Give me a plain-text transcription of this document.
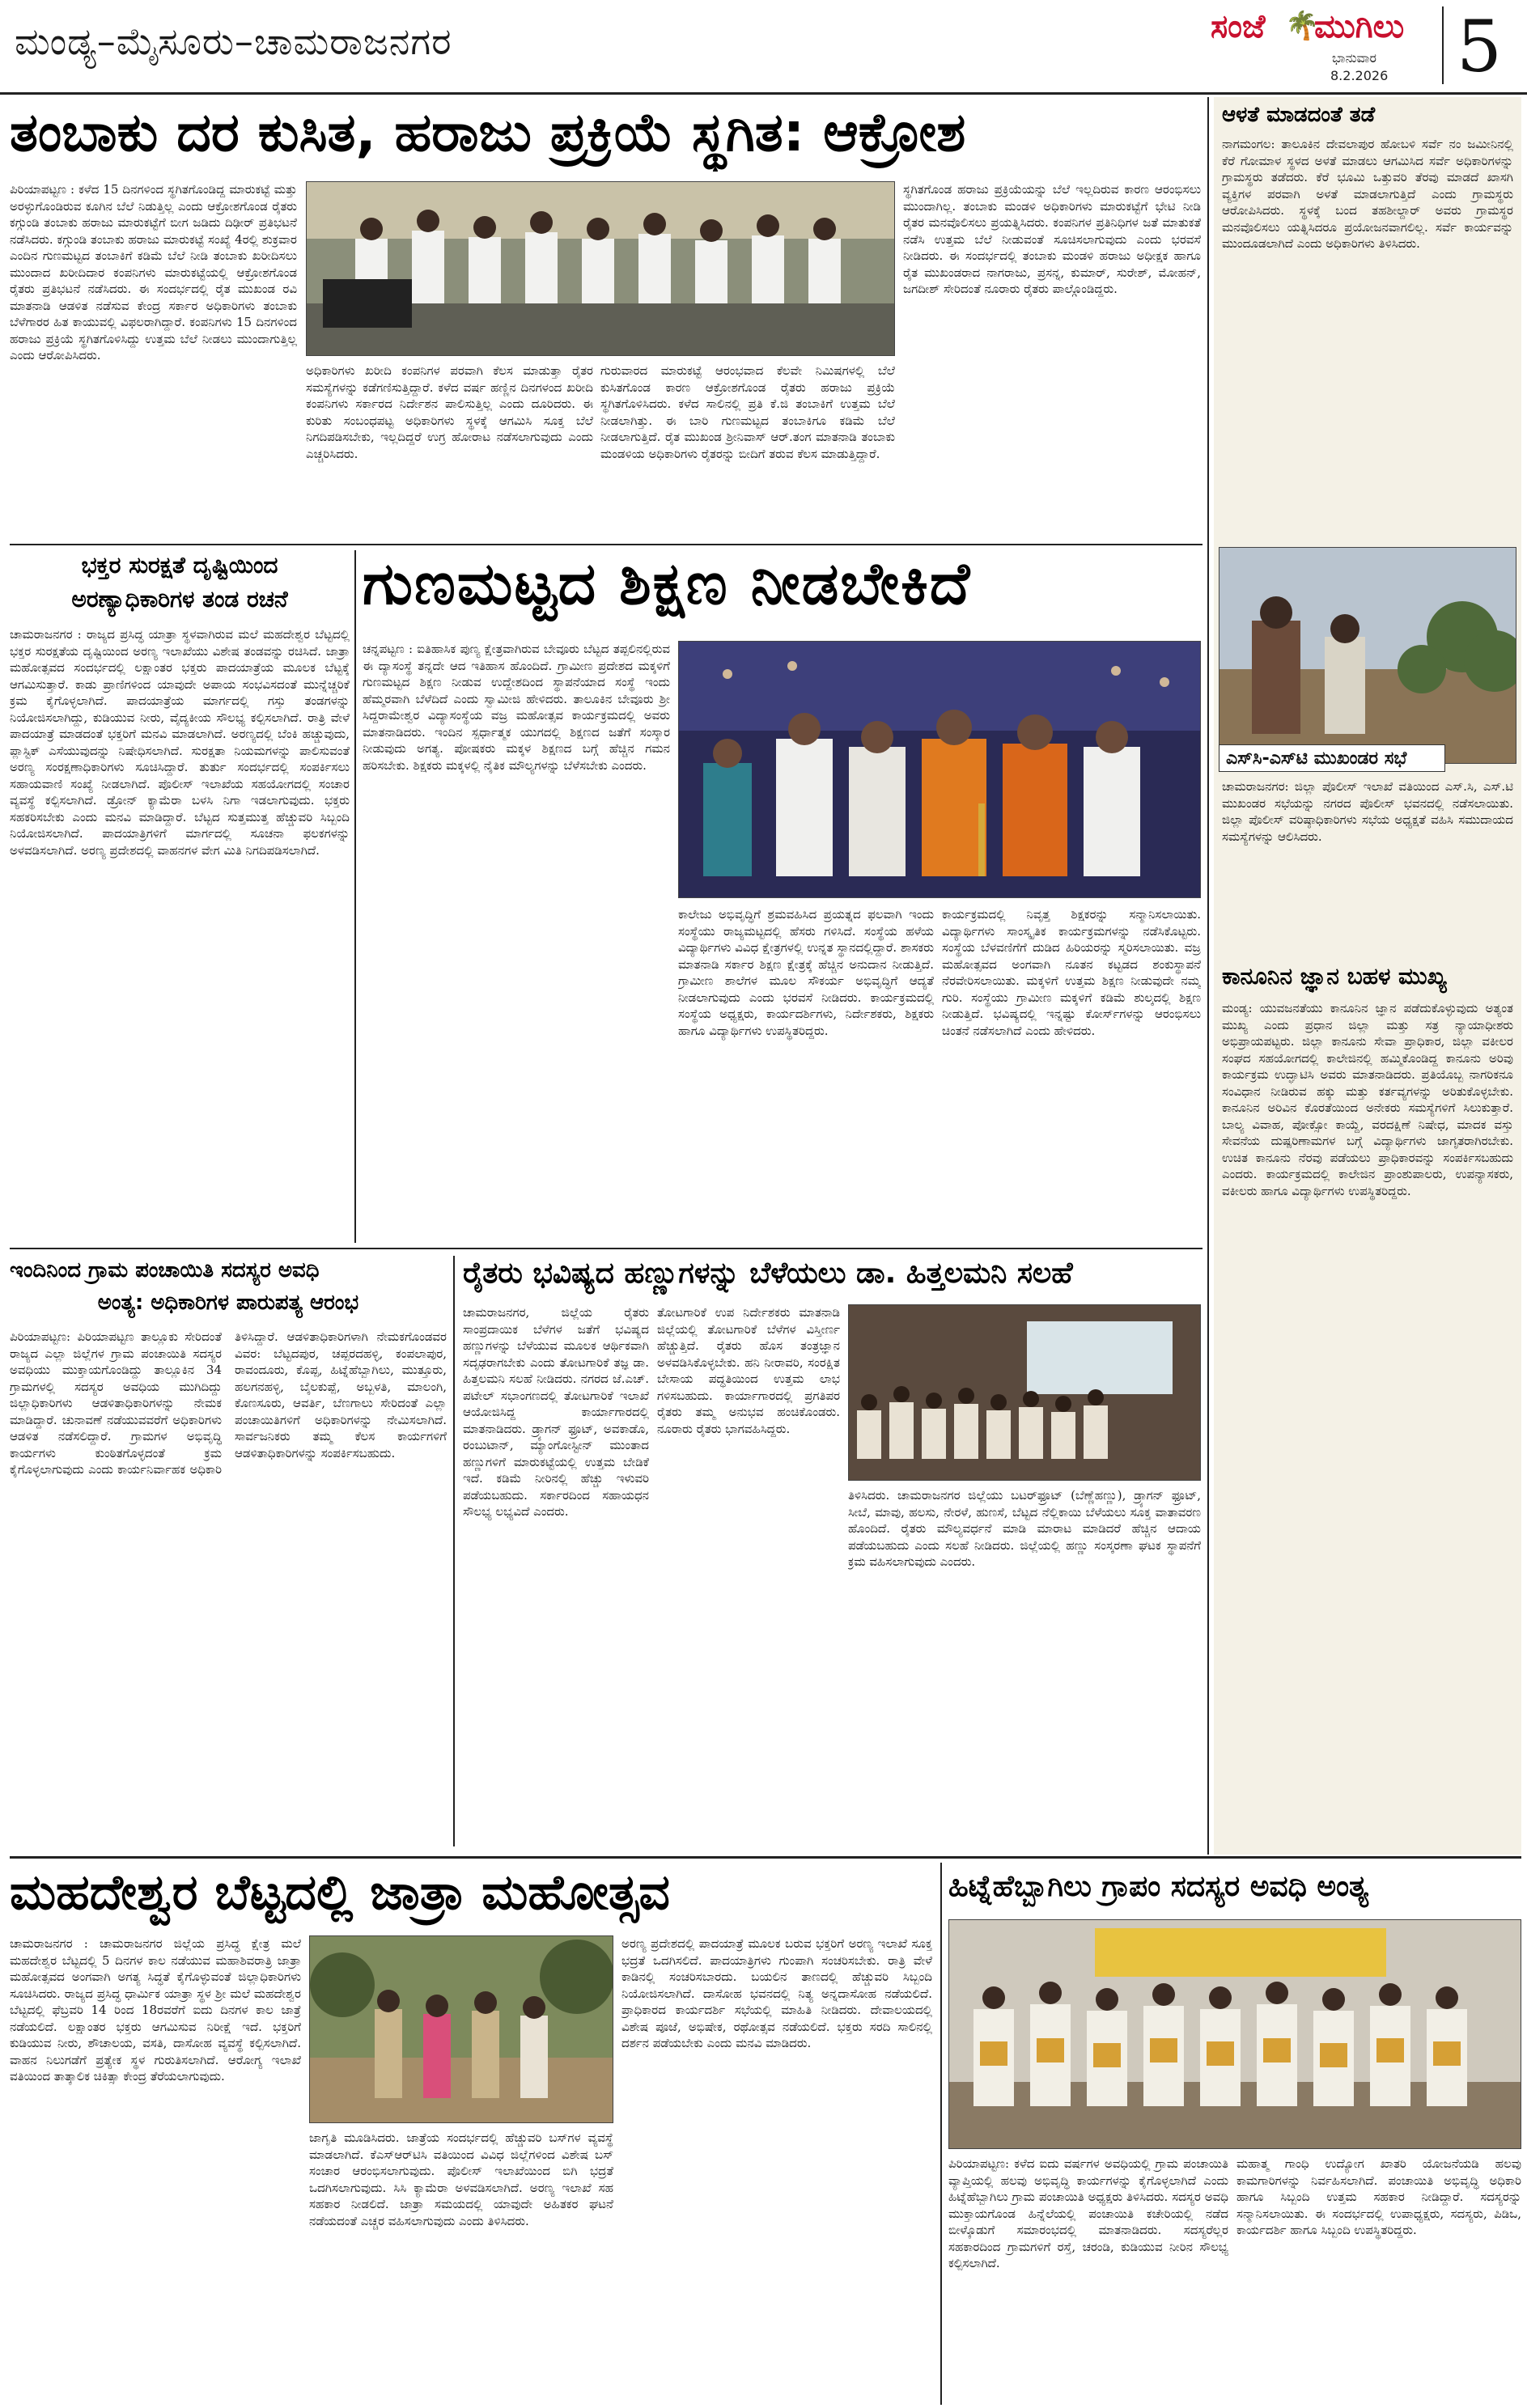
ಮಂಡ್ಯ–ಮೈಸೂರು–ಚಾಮರಾಜನಗರ	ಸಂಜೆ 🌴
ಮುಗಿಲು
ಭಾನುವಾರ
8.2.2026 5
ತಂಬಾಕು ದರ ಕುಸಿತ, ಹರಾಜು ಪ್ರಕ್ರಿಯೆ ಸ್ಥಗಿತ: ಆಕ್ರೋಶ
ಪಿರಿಯಾಪಟ್ಟಣ : ಕಳೆದ 15 ದಿನಗಳಿಂದ ಸ್ಥಗಿತಗೊಂಡಿದ್ದ ಮಾರುಕಟ್ಟೆ ಮತ್ತು ಅರಳ್ಳುಗೊಂಡಿರುವ ಕೂಗಿನ ಬೆಲೆ ನಿಡುತ್ತಿಲ್ಲ ಎಂದು ಆಕ್ರೋಶಗೊಂಡ ರೈತರು ಕಗ್ಗುಂಡಿ ತಂಬಾಕು ಹರಾಜು ಮಾರುಕಟ್ಟೆಗೆ ಬೀಗ ಜಡಿದು ದಿಢೀರ್ ಪ್ರತಿಭಟನೆ ನಡೆಸಿದರು. ಕಗ್ಗುಂಡಿ ತಂಬಾಕು ಹರಾಜು ಮಾರುಕಟ್ಟೆ ಸಂಖ್ಯೆ 4ರಲ್ಲಿ ಶುಕ್ರವಾರ ಎಂದಿನ ಗುಣಮಟ್ಟದ ತಂಬಾಕಿಗೆ ಕಡಿಮೆ ಬೆಲೆ ನೀಡಿ ತಂಬಾಕು ಖರೀದಿಸಲು ಮುಂದಾದ ಖರೀದಿದಾರ ಕಂಪನಿಗಳು ಮಾರುಕಟ್ಟೆಯಲ್ಲಿ ಆಕ್ರೋಶಗೊಂಡ ರೈತರು ಪ್ರತಿಭಟನೆ ನಡೆಸಿದರು. ಈ ಸಂದರ್ಭದಲ್ಲಿ ರೈತ ಮುಖಂಡ ರವಿ ಮಾತನಾಡಿ ಆಡಳಿತ ನಡೆಸುವ ಕೇಂದ್ರ ಸರ್ಕಾರ ಅಧಿಕಾರಿಗಳು ತಂಬಾಕು ಬೆಳೆಗಾರರ ಹಿತ ಕಾಯುವಲ್ಲಿ ವಿಫಲರಾಗಿದ್ದಾರೆ. ಕಂಪನಿಗಳು 15 ದಿನಗಳಿಂದ ಹರಾಜು ಪ್ರಕ್ರಿಯೆ ಸ್ಥಗಿತಗೊಳಿಸಿದ್ದು ಉತ್ತಮ ಬೆಲೆ ನೀಡಲು ಮುಂದಾಗುತ್ತಿಲ್ಲ ಎಂದು ಆರೋಪಿಸಿದರು.
ಅಧಿಕಾರಿಗಳು ಖರೀದಿ ಕಂಪನಿಗಳ ಪರವಾಗಿ ಕೆಲಸ ಮಾಡುತ್ತಾ ರೈತರ ಸಮಸ್ಯೆಗಳನ್ನು ಕಡೆಗಣಿಸುತ್ತಿದ್ದಾರೆ. ಕಳೆದ ವರ್ಷ ಹಣ್ಣಿನ ದಿನಗಳಂದ ಖರೀದಿ ಕಂಪನಿಗಳು ಸರ್ಕಾರದ ನಿರ್ದೇಶನ ಪಾಲಿಸುತ್ತಿಲ್ಲ ಎಂದು ದೂರಿದರು. ಈ ಕುರಿತು ಸಂಬಂಧಪಟ್ಟ ಅಧಿಕಾರಿಗಳು ಸ್ಥಳಕ್ಕೆ ಆಗಮಿಸಿ ಸೂಕ್ತ ಬೆಲೆ ನಿಗದಿಪಡಿಸಬೇಕು, ಇಲ್ಲದಿದ್ದರೆ ಉಗ್ರ ಹೋರಾಟ ನಡೆಸಲಾಗುವುದು ಎಂದು ಎಚ್ಚರಿಸಿದರು.
ಗುರುವಾರದ ಮಾರುಕಟ್ಟೆ ಆರಂಭವಾದ ಕೆಲವೇ ನಿಮಿಷಗಳಲ್ಲಿ ಬೆಲೆ ಕುಸಿತಗೊಂಡ ಕಾರಣ ಆಕ್ರೋಶಗೊಂಡ ರೈತರು ಹರಾಜು ಪ್ರಕ್ರಿಯೆ ಸ್ಥಗಿತಗೊಳಿಸಿದರು. ಕಳೆದ ಸಾಲಿನಲ್ಲಿ ಪ್ರತಿ ಕೆ.ಜಿ ತಂಬಾಕಿಗೆ ಉತ್ತಮ ಬೆಲೆ ನೀಡಲಾಗಿತ್ತು. ಈ ಬಾರಿ ಗುಣಮಟ್ಟದ ತಂಬಾಕಿಗೂ ಕಡಿಮೆ ಬೆಲೆ ನೀಡಲಾಗುತ್ತಿದೆ. ರೈತ ಮುಖಂಡ ಶ್ರೀನಿವಾಸ್ ಆರ್.ತಂಗ ಮಾತನಾಡಿ ತಂಬಾಕು ಮಂಡಳಿಯ ಅಧಿಕಾರಿಗಳು ರೈತರನ್ನು ಬೀದಿಗೆ ತರುವ ಕೆಲಸ ಮಾಡುತ್ತಿದ್ದಾರೆ.
ಸ್ಥಗಿತಗೊಂಡ ಹರಾಜು ಪ್ರಕ್ರಿಯೆಯನ್ನು ಬೆಲೆ ಇಲ್ಲದಿರುವ ಕಾರಣ ಆರಂಭಿಸಲು ಮುಂದಾಗಿಲ್ಲ. ತಂಬಾಕು ಮಂಡಳಿ ಅಧಿಕಾರಿಗಳು ಮಾರುಕಟ್ಟೆಗೆ ಭೇಟಿ ನೀಡಿ ರೈತರ ಮನವೊಲಿಸಲು ಪ್ರಯತ್ನಿಸಿದರು. ಕಂಪನಿಗಳ ಪ್ರತಿನಿಧಿಗಳ ಜತೆ ಮಾತುಕತೆ ನಡೆಸಿ ಉತ್ತಮ ಬೆಲೆ ನೀಡುವಂತೆ ಸೂಚಿಸಲಾಗುವುದು ಎಂದು ಭರವಸೆ ನೀಡಿದರು. ಈ ಸಂದರ್ಭದಲ್ಲಿ ತಂಬಾಕು ಮಂಡಳಿ ಹರಾಜು ಅಧೀಕ್ಷಕ ಹಾಗೂ ರೈತ ಮುಖಂಡರಾದ ನಾಗರಾಜು, ಪ್ರಸನ್ನ, ಕುಮಾರ್, ಸುರೇಶ್, ಮೋಹನ್, ಜಗದೀಶ್ ಸೇರಿದಂತೆ ನೂರಾರು ರೈತರು ಪಾಲ್ಗೊಂಡಿದ್ದರು.
ಆಳತೆ ಮಾಡದಂತೆ ತಡೆ
ನಾಗಮಂಗಲ: ತಾಲೂಕಿನ ದೇವಲಾಪುರ ಹೋಬಳಿ ಸರ್ವೆ ನಂ ಜಮೀನಿನಲ್ಲಿ ಕೆರೆ ಗೋಮಾಳ ಸ್ಥಳದ ಅಳತೆ ಮಾಡಲು ಆಗಮಿಸಿದ ಸರ್ವೆ ಅಧಿಕಾರಿಗಳನ್ನು ಗ್ರಾಮಸ್ಥರು ತಡೆದರು. ಕೆರೆ ಭೂಮಿ ಒತ್ತುವರಿ ತೆರವು ಮಾಡದೆ ಖಾಸಗಿ ವ್ಯಕ್ತಿಗಳ ಪರವಾಗಿ ಅಳತೆ ಮಾಡಲಾಗುತ್ತಿದೆ ಎಂದು ಗ್ರಾಮಸ್ಥರು ಆರೋಪಿಸಿದರು. ಸ್ಥಳಕ್ಕೆ ಬಂದ ತಹಶೀಲ್ದಾರ್ ಅವರು ಗ್ರಾಮಸ್ಥರ ಮನವೊಲಿಸಲು ಯತ್ನಿಸಿದರೂ ಪ್ರಯೋಜನವಾಗಲಿಲ್ಲ. ಸರ್ವೆ ಕಾರ್ಯವನ್ನು ಮುಂದೂಡಲಾಗಿದೆ ಎಂದು ಅಧಿಕಾರಿಗಳು ತಿಳಿಸಿದರು.
ಎಸ್‌ಸಿ-ಎಸ್‌ಟಿ ಮುಖಂಡರ ಸಭೆ
ಚಾಮರಾಜನಗರ: ಜಿಲ್ಲಾ ಪೊಲೀಸ್ ಇಲಾಖೆ ವತಿಯಿಂದ ಎಸ್.ಸಿ, ಎಸ್.ಟಿ ಮುಖಂಡರ ಸಭೆಯನ್ನು ನಗರದ ಪೊಲೀಸ್ ಭವನದಲ್ಲಿ ನಡೆಸಲಾಯಿತು. ಜಿಲ್ಲಾ ಪೊಲೀಸ್ ವರಿಷ್ಠಾಧಿಕಾರಿಗಳು ಸಭೆಯ ಅಧ್ಯಕ್ಷತೆ ವಹಿಸಿ ಸಮುದಾಯದ ಸಮಸ್ಯೆಗಳನ್ನು ಆಲಿಸಿದರು.
ಕಾನೂನಿನ ಜ್ಞಾನ ಬಹಳ ಮುಖ್ಯ
ಮಂಡ್ಯ: ಯುವಜನತೆಯು ಕಾನೂನಿನ ಜ್ಞಾನ ಪಡೆದುಕೊಳ್ಳುವುದು ಅತ್ಯಂತ ಮುಖ್ಯ ಎಂದು ಪ್ರಧಾನ ಜಿಲ್ಲಾ ಮತ್ತು ಸತ್ರ ನ್ಯಾಯಾಧೀಶರು ಅಭಿಪ್ರಾಯಪಟ್ಟರು. ಜಿಲ್ಲಾ ಕಾನೂನು ಸೇವಾ ಪ್ರಾಧಿಕಾರ, ಜಿಲ್ಲಾ ವಕೀಲರ ಸಂಘದ ಸಹಯೋಗದಲ್ಲಿ ಕಾಲೇಜಿನಲ್ಲಿ ಹಮ್ಮಿಕೊಂಡಿದ್ದ ಕಾನೂನು ಅರಿವು ಕಾರ್ಯಕ್ರಮ ಉದ್ಘಾಟಿಸಿ ಅವರು ಮಾತನಾಡಿದರು. ಪ್ರತಿಯೊಬ್ಬ ನಾಗರಿಕನೂ ಸಂವಿಧಾನ ನೀಡಿರುವ ಹಕ್ಕು ಮತ್ತು ಕರ್ತವ್ಯಗಳನ್ನು ಅರಿತುಕೊಳ್ಳಬೇಕು. ಕಾನೂನಿನ ಅರಿವಿನ ಕೊರತೆಯಿಂದ ಅನೇಕರು ಸಮಸ್ಯೆಗಳಿಗೆ ಸಿಲುಕುತ್ತಾರೆ. ಬಾಲ್ಯ ವಿವಾಹ, ಪೋಕ್ಸೋ ಕಾಯ್ದೆ, ವರದಕ್ಷಿಣೆ ನಿಷೇಧ, ಮಾದಕ ವಸ್ತು ಸೇವನೆಯ ದುಷ್ಪರಿಣಾಮಗಳ ಬಗ್ಗೆ ವಿದ್ಯಾರ್ಥಿಗಳು ಜಾಗೃತರಾಗಿರಬೇಕು. ಉಚಿತ ಕಾನೂನು ನೆರವು ಪಡೆಯಲು ಪ್ರಾಧಿಕಾರವನ್ನು ಸಂಪರ್ಕಿಸಬಹುದು ಎಂದರು. ಕಾರ್ಯಕ್ರಮದಲ್ಲಿ ಕಾಲೇಜಿನ ಪ್ರಾಂಶುಪಾಲರು, ಉಪನ್ಯಾಸಕರು, ವಕೀಲರು ಹಾಗೂ ವಿದ್ಯಾರ್ಥಿಗಳು ಉಪಸ್ಥಿತರಿದ್ದರು.
ಭಕ್ತರ ಸುರಕ್ಷತೆ ದೃಷ್ಟಿಯಿಂದ
ಅರಣ್ಯಾಧಿಕಾರಿಗಳ ತಂಡ ರಚನೆ
ಚಾಮರಾಜನಗರ : ರಾಜ್ಯದ ಪ್ರಸಿದ್ಧ ಯಾತ್ರಾ ಸ್ಥಳವಾಗಿರುವ ಮಲೆ ಮಹದೇಶ್ವರ ಬೆಟ್ಟದಲ್ಲಿ ಭಕ್ತರ ಸುರಕ್ಷತೆಯ ದೃಷ್ಟಿಯಿಂದ ಅರಣ್ಯ ಇಲಾಖೆಯು ವಿಶೇಷ ತಂಡವನ್ನು ರಚಿಸಿದೆ. ಜಾತ್ರಾ ಮಹೋತ್ಸವದ ಸಂದರ್ಭದಲ್ಲಿ ಲಕ್ಷಾಂತರ ಭಕ್ತರು ಪಾದಯಾತ್ರೆಯ ಮೂಲಕ ಬೆಟ್ಟಕ್ಕೆ ಆಗಮಿಸುತ್ತಾರೆ. ಕಾಡು ಪ್ರಾಣಿಗಳಿಂದ ಯಾವುದೇ ಅಪಾಯ ಸಂಭವಿಸದಂತೆ ಮುನ್ನೆಚ್ಚರಿಕೆ ಕ್ರಮ ಕೈಗೊಳ್ಳಲಾಗಿದೆ. ಪಾದಯಾತ್ರೆಯ ಮಾರ್ಗದಲ್ಲಿ ಗಸ್ತು ತಂಡಗಳನ್ನು ನಿಯೋಜಿಸಲಾಗಿದ್ದು, ಕುಡಿಯುವ ನೀರು, ವೈದ್ಯಕೀಯ ಸೌಲಭ್ಯ ಕಲ್ಪಿಸಲಾಗಿದೆ. ರಾತ್ರಿ ವೇಳೆ ಪಾದಯಾತ್ರೆ ಮಾಡದಂತೆ ಭಕ್ತರಿಗೆ ಮನವಿ ಮಾಡಲಾಗಿದೆ. ಅರಣ್ಯದಲ್ಲಿ ಬೆಂಕಿ ಹಚ್ಚುವುದು, ಪ್ಲಾಸ್ಟಿಕ್ ಎಸೆಯುವುದನ್ನು ನಿಷೇಧಿಸಲಾಗಿದೆ. ಸುರಕ್ಷತಾ ನಿಯಮಗಳನ್ನು ಪಾಲಿಸುವಂತೆ ಅರಣ್ಯ ಸಂರಕ್ಷಣಾಧಿಕಾರಿಗಳು ಸೂಚಿಸಿದ್ದಾರೆ. ತುರ್ತು ಸಂದರ್ಭದಲ್ಲಿ ಸಂಪರ್ಕಿಸಲು ಸಹಾಯವಾಣಿ ಸಂಖ್ಯೆ ನೀಡಲಾಗಿದೆ. ಪೊಲೀಸ್ ಇಲಾಖೆಯ ಸಹಯೋಗದಲ್ಲಿ ಸಂಚಾರ ವ್ಯವಸ್ಥೆ ಕಲ್ಪಿಸಲಾಗಿದೆ. ಡ್ರೋನ್ ಕ್ಯಾಮೆರಾ ಬಳಸಿ ನಿಗಾ ಇಡಲಾಗುವುದು. ಭಕ್ತರು ಸಹಕರಿಸಬೇಕು ಎಂದು ಮನವಿ ಮಾಡಿದ್ದಾರೆ. ಬೆಟ್ಟದ ಸುತ್ತಮುತ್ತ ಹೆಚ್ಚುವರಿ ಸಿಬ್ಬಂದಿ ನಿಯೋಜಿಸಲಾಗಿದೆ. ಪಾದಯಾತ್ರಿಗಳಿಗೆ ಮಾರ್ಗದಲ್ಲಿ ಸೂಚನಾ ಫಲಕಗಳನ್ನು ಅಳವಡಿಸಲಾಗಿದೆ. ಅರಣ್ಯ ಪ್ರದೇಶದಲ್ಲಿ ವಾಹನಗಳ ವೇಗ ಮಿತಿ ನಿಗದಿಪಡಿಸಲಾಗಿದೆ.
ಗುಣಮಟ್ಟದ ಶಿಕ್ಷಣ ನೀಡಬೇಕಿದೆ
ಚನ್ನಪಟ್ಟಣ : ಐತಿಹಾಸಿಕ ಪುಣ್ಯ ಕ್ಷೇತ್ರವಾಗಿರುವ ಬೇವೂರು ಬೆಟ್ಟದ ತಪ್ಪಲಿನಲ್ಲಿರುವ ಈ ದ್ಯಾಸಂಸ್ಥೆ ತನ್ನದೇ ಆದ ಇತಿಹಾಸ ಹೊಂದಿದೆ. ಗ್ರಾಮೀಣ ಪ್ರದೇಶದ ಮಕ್ಕಳಿಗೆ ಗುಣಮಟ್ಟದ ಶಿಕ್ಷಣ ನೀಡುವ ಉದ್ದೇಶದಿಂದ ಸ್ಥಾಪನೆಯಾದ ಸಂಸ್ಥೆ ಇಂದು ಹೆಮ್ಮರವಾಗಿ ಬೆಳೆದಿದೆ ಎಂದು ಸ್ವಾಮೀಜಿ ಹೇಳಿದರು. ತಾಲೂಕಿನ ಬೇವೂರು ಶ್ರೀ ಸಿದ್ದರಾಮೇಶ್ವರ ವಿದ್ಯಾಸಂಸ್ಥೆಯ ವಜ್ರ ಮಹೋತ್ಸವ ಕಾರ್ಯಕ್ರಮದಲ್ಲಿ ಅವರು ಮಾತನಾಡಿದರು. ಇಂದಿನ ಸ್ಪರ್ಧಾತ್ಮಕ ಯುಗದಲ್ಲಿ ಶಿಕ್ಷಣದ ಜತೆಗೆ ಸಂಸ್ಕಾರ ನೀಡುವುದು ಅಗತ್ಯ. ಪೋಷಕರು ಮಕ್ಕಳ ಶಿಕ್ಷಣದ ಬಗ್ಗೆ ಹೆಚ್ಚಿನ ಗಮನ ಹರಿಸಬೇಕು. ಶಿಕ್ಷಕರು ಮಕ್ಕಳಲ್ಲಿ ನೈತಿಕ ಮೌಲ್ಯಗಳನ್ನು ಬೆಳೆಸಬೇಕು ಎಂದರು.
ಕಾಲೇಜು ಅಭಿವೃದ್ಧಿಗೆ ಶ್ರಮವಹಿಸಿದ ಪ್ರಯತ್ನದ ಫಲವಾಗಿ ಇಂದು ಸಂಸ್ಥೆಯು ರಾಜ್ಯಮಟ್ಟದಲ್ಲಿ ಹೆಸರು ಗಳಿಸಿದೆ. ಸಂಸ್ಥೆಯ ಹಳೆಯ ವಿದ್ಯಾರ್ಥಿಗಳು ವಿವಿಧ ಕ್ಷೇತ್ರಗಳಲ್ಲಿ ಉನ್ನತ ಸ್ಥಾನದಲ್ಲಿದ್ದಾರೆ. ಶಾಸಕರು ಮಾತನಾಡಿ ಸರ್ಕಾರ ಶಿಕ್ಷಣ ಕ್ಷೇತ್ರಕ್ಕೆ ಹೆಚ್ಚಿನ ಅನುದಾನ ನೀಡುತ್ತಿದೆ. ಗ್ರಾಮೀಣ ಶಾಲೆಗಳ ಮೂಲ ಸೌಕರ್ಯ ಅಭಿವೃದ್ಧಿಗೆ ಆದ್ಯತೆ ನೀಡಲಾಗುವುದು ಎಂದು ಭರವಸೆ ನೀಡಿದರು. ಕಾರ್ಯಕ್ರಮದಲ್ಲಿ ಸಂಸ್ಥೆಯ ಅಧ್ಯಕ್ಷರು, ಕಾರ್ಯದರ್ಶಿಗಳು, ನಿರ್ದೇಶಕರು, ಶಿಕ್ಷಕರು ಹಾಗೂ ವಿದ್ಯಾರ್ಥಿಗಳು ಉಪಸ್ಥಿತರಿದ್ದರು.
ಕಾರ್ಯಕ್ರಮದಲ್ಲಿ ನಿವೃತ್ತ ಶಿಕ್ಷಕರನ್ನು ಸನ್ಮಾನಿಸಲಾಯಿತು. ವಿದ್ಯಾರ್ಥಿಗಳು ಸಾಂಸ್ಕೃತಿಕ ಕಾರ್ಯಕ್ರಮಗಳನ್ನು ನಡೆಸಿಕೊಟ್ಟರು. ಸಂಸ್ಥೆಯ ಬೆಳವಣಿಗೆಗೆ ದುಡಿದ ಹಿರಿಯರನ್ನು ಸ್ಮರಿಸಲಾಯಿತು. ವಜ್ರ ಮಹೋತ್ಸವದ ಅಂಗವಾಗಿ ನೂತನ ಕಟ್ಟಡದ ಶಂಕುಸ್ಥಾಪನೆ ನೆರವೇರಿಸಲಾಯಿತು. ಮಕ್ಕಳಿಗೆ ಉತ್ತಮ ಶಿಕ್ಷಣ ನೀಡುವುದೇ ನಮ್ಮ ಗುರಿ. ಸಂಸ್ಥೆಯು ಗ್ರಾಮೀಣ ಮಕ್ಕಳಿಗೆ ಕಡಿಮೆ ಶುಲ್ಕದಲ್ಲಿ ಶಿಕ್ಷಣ ನೀಡುತ್ತಿದೆ. ಭವಿಷ್ಯದಲ್ಲಿ ಇನ್ನಷ್ಟು ಕೋರ್ಸ್‌ಗಳನ್ನು ಆರಂಭಿಸಲು ಚಿಂತನೆ ನಡೆಸಲಾಗಿದೆ ಎಂದು ಹೇಳಿದರು.
ಇಂದಿನಿಂದ ಗ್ರಾಮ ಪಂಚಾಯಿತಿ ಸದಸ್ಯರ ಅವಧಿ
ಅಂತ್ಯ: ಅಧಿಕಾರಿಗಳ ಪಾರುಪತ್ಯ ಆರಂಭ
ಪಿರಿಯಾಪಟ್ಟಣ: ಪಿರಿಯಾಪಟ್ಟಣ ತಾಲ್ಲೂಕು ಸೇರಿದಂತೆ ರಾಜ್ಯದ ಎಲ್ಲಾ ಜಿಲ್ಲೆಗಳ ಗ್ರಾಮ ಪಂಚಾಯಿತಿ ಸದಸ್ಯರ ಅವಧಿಯು ಮುಕ್ತಾಯಗೊಂಡಿದ್ದು ತಾಲ್ಲೂಕಿನ 34 ಗ್ರಾಮಗಳಲ್ಲಿ ಸದಸ್ಯರ ಅವಧಿಯ ಮುಗಿದಿದ್ದು ಜಿಲ್ಲಾಧಿಕಾರಿಗಳು ಆಡಳಿತಾಧಿಕಾರಿಗಳನ್ನು ನೇಮಕ ಮಾಡಿದ್ದಾರೆ. ಚುನಾವಣೆ ನಡೆಯುವವರೆಗೆ ಅಧಿಕಾರಿಗಳು ಆಡಳಿತ ನಡೆಸಲಿದ್ದಾರೆ. ಗ್ರಾಮಗಳ ಅಭಿವೃದ್ಧಿ ಕಾರ್ಯಗಳು ಕುಂಠಿತಗೊಳ್ಳದಂತೆ ಕ್ರಮ ಕೈಗೊಳ್ಳಲಾಗುವುದು ಎಂದು ಕಾರ್ಯನಿರ್ವಾಹಕ ಅಧಿಕಾರಿ ತಿಳಿಸಿದ್ದಾರೆ. ಆಡಳಿತಾಧಿಕಾರಿಗಳಾಗಿ ನೇಮಕಗೊಂಡವರ ವಿವರ: ಬೆಟ್ಟದಪುರ, ಚಪ್ಪರದಹಳ್ಳಿ, ಕಂಪಲಾಪುರ, ರಾವಂದೂರು, ಕೊಪ್ಪ, ಹಿಟ್ನೆಹೆಬ್ಬಾಗಿಲು, ಮುತ್ತೂರು, ಹಲಗನಹಳ್ಳಿ, ಬೈಲಕುಪ್ಪೆ, ಅಬ್ಬಳತಿ, ಮಾಲಂಗಿ, ಕೊಣಸೂರು, ಆವರ್ತಿ, ಬೆಣಗಾಲು ಸೇರಿದಂತೆ ಎಲ್ಲಾ ಪಂಚಾಯಿತಿಗಳಿಗೆ ಅಧಿಕಾರಿಗಳನ್ನು ನೇಮಿಸಲಾಗಿದೆ. ಸಾರ್ವಜನಿಕರು ತಮ್ಮ ಕೆಲಸ ಕಾರ್ಯಗಳಿಗೆ ಆಡಳಿತಾಧಿಕಾರಿಗಳನ್ನು ಸಂಪರ್ಕಿಸಬಹುದು.
ರೈತರು ಭವಿಷ್ಯದ ಹಣ್ಣುಗಳನ್ನು ಬೆಳೆಯಲು ಡಾ. ಹಿತ್ತಲಮನಿ ಸಲಹೆ
ಚಾಮರಾಜನಗರ, ಜಿಲ್ಲೆಯ ರೈತರು ಸಾಂಪ್ರದಾಯಿಕ ಬೆಳೆಗಳ ಜತೆಗೆ ಭವಿಷ್ಯದ ಹಣ್ಣುಗಳನ್ನು ಬೆಳೆಯುವ ಮೂಲಕ ಆರ್ಥಿಕವಾಗಿ ಸದೃಢರಾಗಬೇಕು ಎಂದು ತೋಟಗಾರಿಕೆ ತಜ್ಞ ಡಾ. ಹಿತ್ತಲಮನಿ ಸಲಹೆ ನೀಡಿದರು. ನಗರದ ಜೆ.ಎಚ್. ಪಟೇಲ್ ಸಭಾಂಗಣದಲ್ಲಿ ತೋಟಗಾರಿಕೆ ಇಲಾಖೆ ಆಯೋಜಿಸಿದ್ದ ಕಾರ್ಯಾಗಾರದಲ್ಲಿ ಮಾತನಾಡಿದರು. ಡ್ರ್ಯಾಗನ್ ಫ್ರೂಟ್, ಅವಕಾಡೊ, ರಂಬುಟಾನ್, ಮ್ಯಾಂಗೋಸ್ಟೀನ್ ಮುಂತಾದ ಹಣ್ಣುಗಳಿಗೆ ಮಾರುಕಟ್ಟೆಯಲ್ಲಿ ಉತ್ತಮ ಬೇಡಿಕೆ ಇದೆ. ಕಡಿಮೆ ನೀರಿನಲ್ಲಿ ಹೆಚ್ಚು ಇಳುವರಿ ಪಡೆಯಬಹುದು. ಸರ್ಕಾರದಿಂದ ಸಹಾಯಧನ ಸೌಲಭ್ಯ ಲಭ್ಯವಿದೆ ಎಂದರು.
ತೋಟಗಾರಿಕೆ ಉಪ ನಿರ್ದೇಶಕರು ಮಾತನಾಡಿ ಜಿಲ್ಲೆಯಲ್ಲಿ ತೋಟಗಾರಿಕೆ ಬೆಳೆಗಳ ವಿಸ್ತೀರ್ಣ ಹೆಚ್ಚುತ್ತಿದೆ. ರೈತರು ಹೊಸ ತಂತ್ರಜ್ಞಾನ ಅಳವಡಿಸಿಕೊಳ್ಳಬೇಕು. ಹನಿ ನೀರಾವರಿ, ಸಂರಕ್ಷಿತ ಬೇಸಾಯ ಪದ್ಧತಿಯಿಂದ ಉತ್ತಮ ಲಾಭ ಗಳಿಸಬಹುದು. ಕಾರ್ಯಾಗಾರದಲ್ಲಿ ಪ್ರಗತಿಪರ ರೈತರು ತಮ್ಮ ಅನುಭವ ಹಂಚಿಕೊಂಡರು. ನೂರಾರು ರೈತರು ಭಾಗವಹಿಸಿದ್ದರು.
ತಿಳಿಸಿದರು. ಚಾಮರಾಜನಗರ ಜಿಲ್ಲೆಯು ಬಟರ್‌ಫ್ರೂಟ್ (ಬೆಣ್ಣೆಹಣ್ಣು), ಡ್ರ್ಯಾಗನ್ ಫ್ರೂಟ್, ಸೀಬೆ, ಮಾವು, ಹಲಸು, ನೇರಳೆ, ಹುಣಸೆ, ಬೆಟ್ಟದ ನೆಲ್ಲಿಕಾಯಿ ಬೆಳೆಯಲು ಸೂಕ್ತ ವಾತಾವರಣ ಹೊಂದಿದೆ. ರೈತರು ಮೌಲ್ಯವರ್ಧನೆ ಮಾಡಿ ಮಾರಾಟ ಮಾಡಿದರೆ ಹೆಚ್ಚಿನ ಆದಾಯ ಪಡೆಯಬಹುದು ಎಂದು ಸಲಹೆ ನೀಡಿದರು. ಜಿಲ್ಲೆಯಲ್ಲಿ ಹಣ್ಣು ಸಂಸ್ಕರಣಾ ಘಟಕ ಸ್ಥಾಪನೆಗೆ ಕ್ರಮ ವಹಿಸಲಾಗುವುದು ಎಂದರು.
ಮಹದೇಶ್ವರ ಬೆಟ್ಟದಲ್ಲಿ ಜಾತ್ರಾ ಮಹೋತ್ಸವ
ಚಾಮರಾಜನಗರ : ಚಾಮರಾಜನಗರ ಜಿಲ್ಲೆಯ ಪ್ರಸಿದ್ಧ ಕ್ಷೇತ್ರ ಮಲೆ ಮಹದೇಶ್ವರ ಬೆಟ್ಟದಲ್ಲಿ 5 ದಿನಗಳ ಕಾಲ ನಡೆಯುವ ಮಹಾಶಿವರಾತ್ರಿ ಜಾತ್ರಾ ಮಹೋತ್ಸವದ ಅಂಗವಾಗಿ ಅಗತ್ಯ ಸಿದ್ಧತೆ ಕೈಗೊಳ್ಳುವಂತೆ ಜಿಲ್ಲಾಧಿಕಾರಿಗಳು ಸೂಚಿಸಿದರು. ರಾಜ್ಯದ ಪ್ರಸಿದ್ಧ ಧಾರ್ಮಿಕ ಯಾತ್ರಾ ಸ್ಥಳ ಶ್ರೀ ಮಲೆ ಮಹದೇಶ್ವರ ಬೆಟ್ಟದಲ್ಲಿ ಫೆಬ್ರವರಿ 14 ರಿಂದ 18ರವರೆಗೆ ಐದು ದಿನಗಳ ಕಾಲ ಜಾತ್ರೆ ನಡೆಯಲಿದೆ. ಲಕ್ಷಾಂತರ ಭಕ್ತರು ಆಗಮಿಸುವ ನಿರೀಕ್ಷೆ ಇದೆ. ಭಕ್ತರಿಗೆ ಕುಡಿಯುವ ನೀರು, ಶೌಚಾಲಯ, ವಸತಿ, ದಾಸೋಹ ವ್ಯವಸ್ಥೆ ಕಲ್ಪಿಸಲಾಗಿದೆ. ವಾಹನ ನಿಲುಗಡೆಗೆ ಪ್ರತ್ಯೇಕ ಸ್ಥಳ ಗುರುತಿಸಲಾಗಿದೆ. ಆರೋಗ್ಯ ಇಲಾಖೆ ವತಿಯಿಂದ ತಾತ್ಕಾಲಿಕ ಚಿಕಿತ್ಸಾ ಕೇಂದ್ರ ತೆರೆಯಲಾಗುವುದು.
ಜಾಗೃತಿ ಮೂಡಿಸಿದರು. ಜಾತ್ರೆಯ ಸಂದರ್ಭದಲ್ಲಿ ಹೆಚ್ಚುವರಿ ಬಸ್‌ಗಳ ವ್ಯವಸ್ಥೆ ಮಾಡಲಾಗಿದೆ. ಕೆಎಸ್‌ಆರ್‌ಟಿಸಿ ವತಿಯಿಂದ ವಿವಿಧ ಜಿಲ್ಲೆಗಳಿಂದ ವಿಶೇಷ ಬಸ್ ಸಂಚಾರ ಆರಂಭಿಸಲಾಗುವುದು. ಪೊಲೀಸ್ ಇಲಾಖೆಯಿಂದ ಬಿಗಿ ಭದ್ರತೆ ಒದಗಿಸಲಾಗುವುದು. ಸಿಸಿ ಕ್ಯಾಮೆರಾ ಅಳವಡಿಸಲಾಗಿದೆ. ಅರಣ್ಯ ಇಲಾಖೆ ಸಹ ಸಹಕಾರ ನೀಡಲಿದೆ. ಜಾತ್ರಾ ಸಮಯದಲ್ಲಿ ಯಾವುದೇ ಅಹಿತಕರ ಘಟನೆ ನಡೆಯದಂತೆ ಎಚ್ಚರ ವಹಿಸಲಾಗುವುದು ಎಂದು ತಿಳಿಸಿದರು.
ಅರಣ್ಯ ಪ್ರದೇಶದಲ್ಲಿ ಪಾದಯಾತ್ರೆ ಮೂಲಕ ಬರುವ ಭಕ್ತರಿಗೆ ಅರಣ್ಯ ಇಲಾಖೆ ಸೂಕ್ತ ಭದ್ರತೆ ಒದಗಿಸಲಿದೆ. ಪಾದಯಾತ್ರಿಗಳು ಗುಂಪಾಗಿ ಸಂಚರಿಸಬೇಕು. ರಾತ್ರಿ ವೇಳೆ ಕಾಡಿನಲ್ಲಿ ಸಂಚರಿಸಬಾರದು. ಬಯಲಿನ ತಾಣದಲ್ಲಿ ಹೆಚ್ಚುವರಿ ಸಿಬ್ಬಂದಿ ನಿಯೋಜಿಸಲಾಗಿದೆ. ದಾಸೋಹ ಭವನದಲ್ಲಿ ನಿತ್ಯ ಅನ್ನದಾಸೋಹ ನಡೆಯಲಿದೆ. ಪ್ರಾಧಿಕಾರದ ಕಾರ್ಯದರ್ಶಿ ಸಭೆಯಲ್ಲಿ ಮಾಹಿತಿ ನೀಡಿದರು. ದೇವಾಲಯದಲ್ಲಿ ವಿಶೇಷ ಪೂಜೆ, ಅಭಿಷೇಕ, ರಥೋತ್ಸವ ನಡೆಯಲಿದೆ. ಭಕ್ತರು ಸರದಿ ಸಾಲಿನಲ್ಲಿ ದರ್ಶನ ಪಡೆಯಬೇಕು ಎಂದು ಮನವಿ ಮಾಡಿದರು.
ಹಿಟ್ನೆಹೆಬ್ಬಾಗಿಲು ಗ್ರಾಪಂ ಸದಸ್ಯರ ಅವಧಿ ಅಂತ್ಯ
ಪಿರಿಯಾಪಟ್ಟಣ: ಕಳೆದ ಐದು ವರ್ಷಗಳ ಅವಧಿಯಲ್ಲಿ ಗ್ರಾಮ ಪಂಚಾಯಿತಿ ವ್ಯಾಪ್ತಿಯಲ್ಲಿ ಹಲವು ಅಭಿವೃದ್ಧಿ ಕಾರ್ಯಗಳನ್ನು ಕೈಗೊಳ್ಳಲಾಗಿದೆ ಎಂದು ಹಿಟ್ನೆಹೆಬ್ಬಾಗಿಲು ಗ್ರಾಮ ಪಂಚಾಯಿತಿ ಅಧ್ಯಕ್ಷರು ತಿಳಿಸಿದರು. ಸದಸ್ಯರ ಅವಧಿ ಮುಕ್ತಾಯಗೊಂಡ ಹಿನ್ನೆಲೆಯಲ್ಲಿ ಪಂಚಾಯಿತಿ ಕಚೇರಿಯಲ್ಲಿ ನಡೆದ ಬೀಳ್ಕೊಡುಗೆ ಸಮಾರಂಭದಲ್ಲಿ ಮಾತನಾಡಿದರು. ಸದಸ್ಯರೆಲ್ಲರ ಸಹಕಾರದಿಂದ ಗ್ರಾಮಗಳಿಗೆ ರಸ್ತೆ, ಚರಂಡಿ, ಕುಡಿಯುವ ನೀರಿನ ಸೌಲಭ್ಯ ಕಲ್ಪಿಸಲಾಗಿದೆ.
ಮಹಾತ್ಮ ಗಾಂಧಿ ಉದ್ಯೋಗ ಖಾತರಿ ಯೋಜನೆಯಡಿ ಹಲವು ಕಾಮಗಾರಿಗಳನ್ನು ನಿರ್ವಹಿಸಲಾಗಿದೆ. ಪಂಚಾಯಿತಿ ಅಭಿವೃದ್ಧಿ ಅಧಿಕಾರಿ ಹಾಗೂ ಸಿಬ್ಬಂದಿ ಉತ್ತಮ ಸಹಕಾರ ನೀಡಿದ್ದಾರೆ. ಸದಸ್ಯರನ್ನು ಸನ್ಮಾನಿಸಲಾಯಿತು. ಈ ಸಂದರ್ಭದಲ್ಲಿ ಉಪಾಧ್ಯಕ್ಷರು, ಸದಸ್ಯರು, ಪಿಡಿಒ, ಕಾರ್ಯದರ್ಶಿ ಹಾಗೂ ಸಿಬ್ಬಂದಿ ಉಪಸ್ಥಿತರಿದ್ದರು.
